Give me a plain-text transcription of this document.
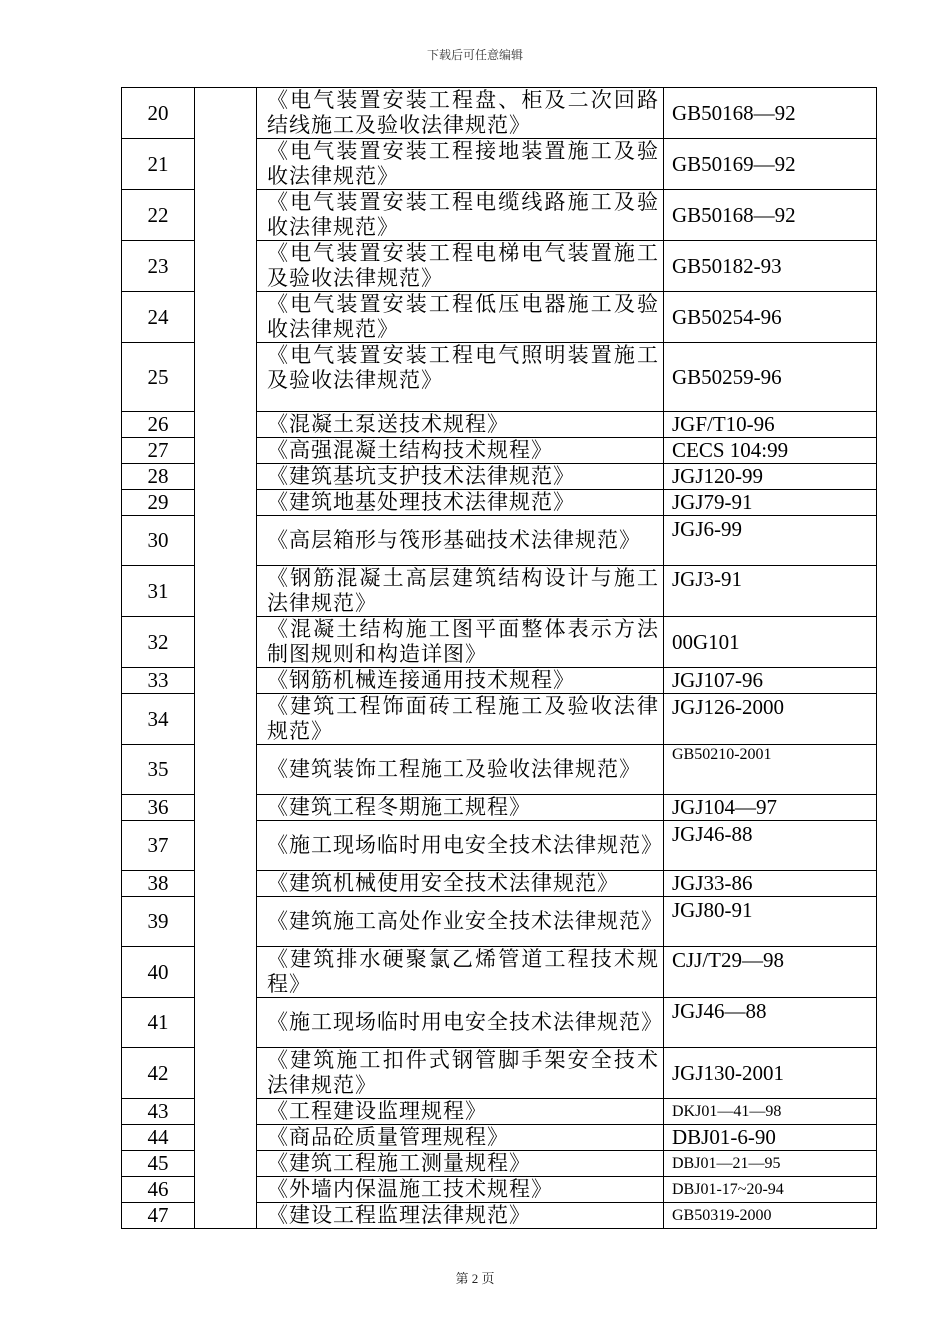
下载后可任意编辑
20		《电气装置安装工程盘、柜及二次回路结线施工及验收法律规范》	GB50168—92
21		《电气装置安装工程接地装置施工及验收法律规范》	GB50169—92
22		《电气装置安装工程电缆线路施工及验收法律规范》	GB50168—92
23		《电气装置安装工程电梯电气装置施工及验收法律规范》	GB50182-93
24		《电气装置安装工程低压电器施工及验收法律规范》	GB50254-96
25		《电气装置安装工程电气照明装置施工及验收法律规范》	GB50259-96
26		《混凝土泵送技术规程》	JGF/T10-96
27		《高强混凝土结构技术规程》	CECS 104:99
28		《建筑基坑支护技术法律规范》	JGJ120-99
29		《建筑地基处理技术法律规范》	JGJ79-91
30		《高层箱形与筏形基础技术法律规范》	JGJ6-99
31		《钢筋混凝土高层建筑结构设计与施工法律规范》	JGJ3-91
32		《混凝土结构施工图平面整体表示方法制图规则和构造详图》	00G101
33		《钢筋机械连接通用技术规程》	JGJ107-96
34		《建筑工程饰面砖工程施工及验收法律规范》	JGJ126-2000
35		《建筑装饰工程施工及验收法律规范》	GB50210-2001
36		《建筑工程冬期施工规程》	JGJ104—97
37		《施工现场临时用电安全技术法律规范》	JGJ46-88
38		《建筑机械使用安全技术法律规范》	JGJ33-86
39		《建筑施工高处作业安全技术法律规范》	JGJ80-91
40		《建筑排水硬聚氯乙烯管道工程技术规程》	CJJ/T29—98
41		《施工现场临时用电安全技术法律规范》	JGJ46—88
42		《建筑施工扣件式钢管脚手架安全技术法律规范》	JGJ130-2001
43		《工程建设监理规程》	DKJ01—41—98
44		《商品砼质量管理规程》	DBJ01-6-90
45		《建筑工程施工测量规程》	DBJ01—21—95
46		《外墙内保温施工技术规程》	DBJ01-17~20-94
47		《建设工程监理法律规范》	GB50319-2000
第 2 页
